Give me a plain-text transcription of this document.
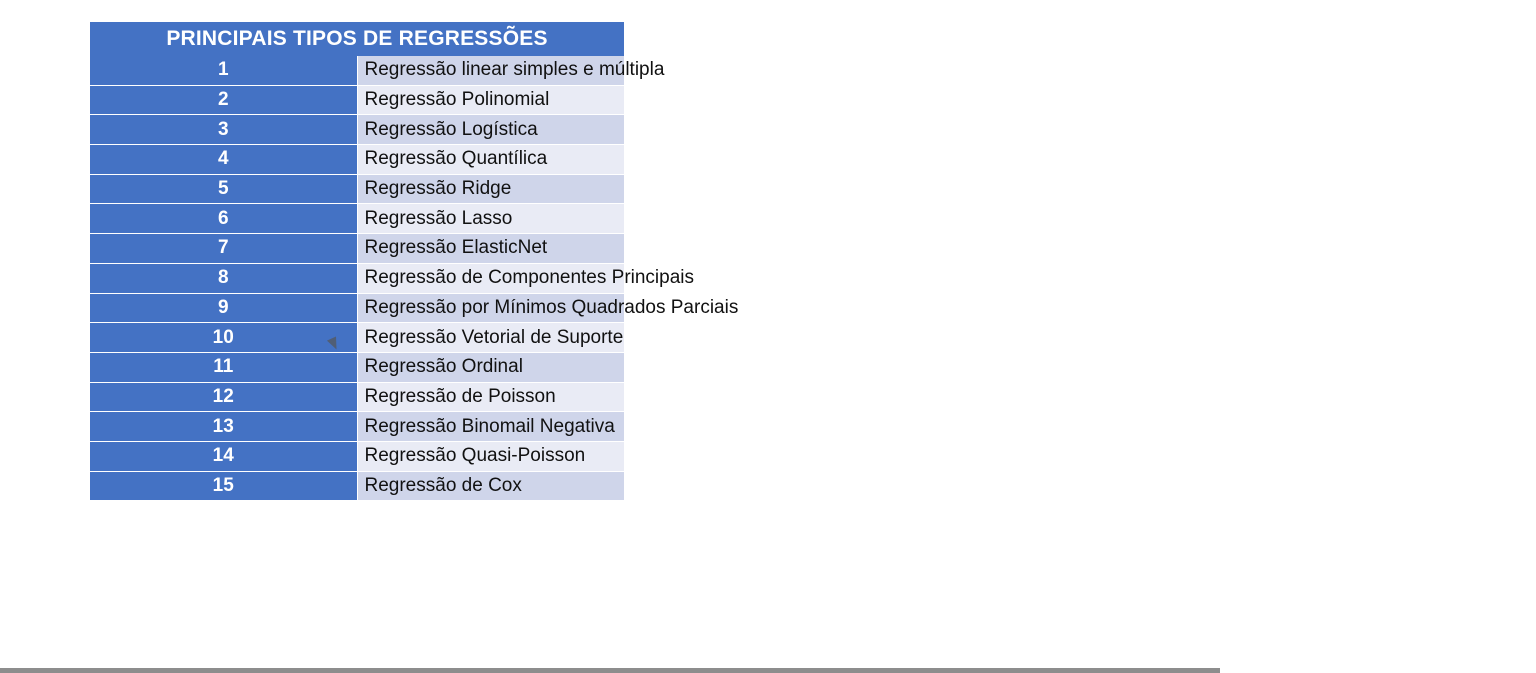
PRINCIPAIS TIPOS DE REGRESSÕES	
1	Regressão linear simples e múltipla
2	Regressão Polinomial
3	Regressão Logística
4	Regressão Quantílica
5	Regressão Ridge
6	Regressão Lasso
7	Regressão ElasticNet
8	Regressão de Componentes Principais
9	Regressão por Mínimos Quadrados Parciais
10	Regressão Vetorial de Suporte
11	Regressão Ordinal
12	Regressão de Poisson
13	Regressão Binomail Negativa
14	Regressão Quasi-Poisson
15	Regressão de Cox
